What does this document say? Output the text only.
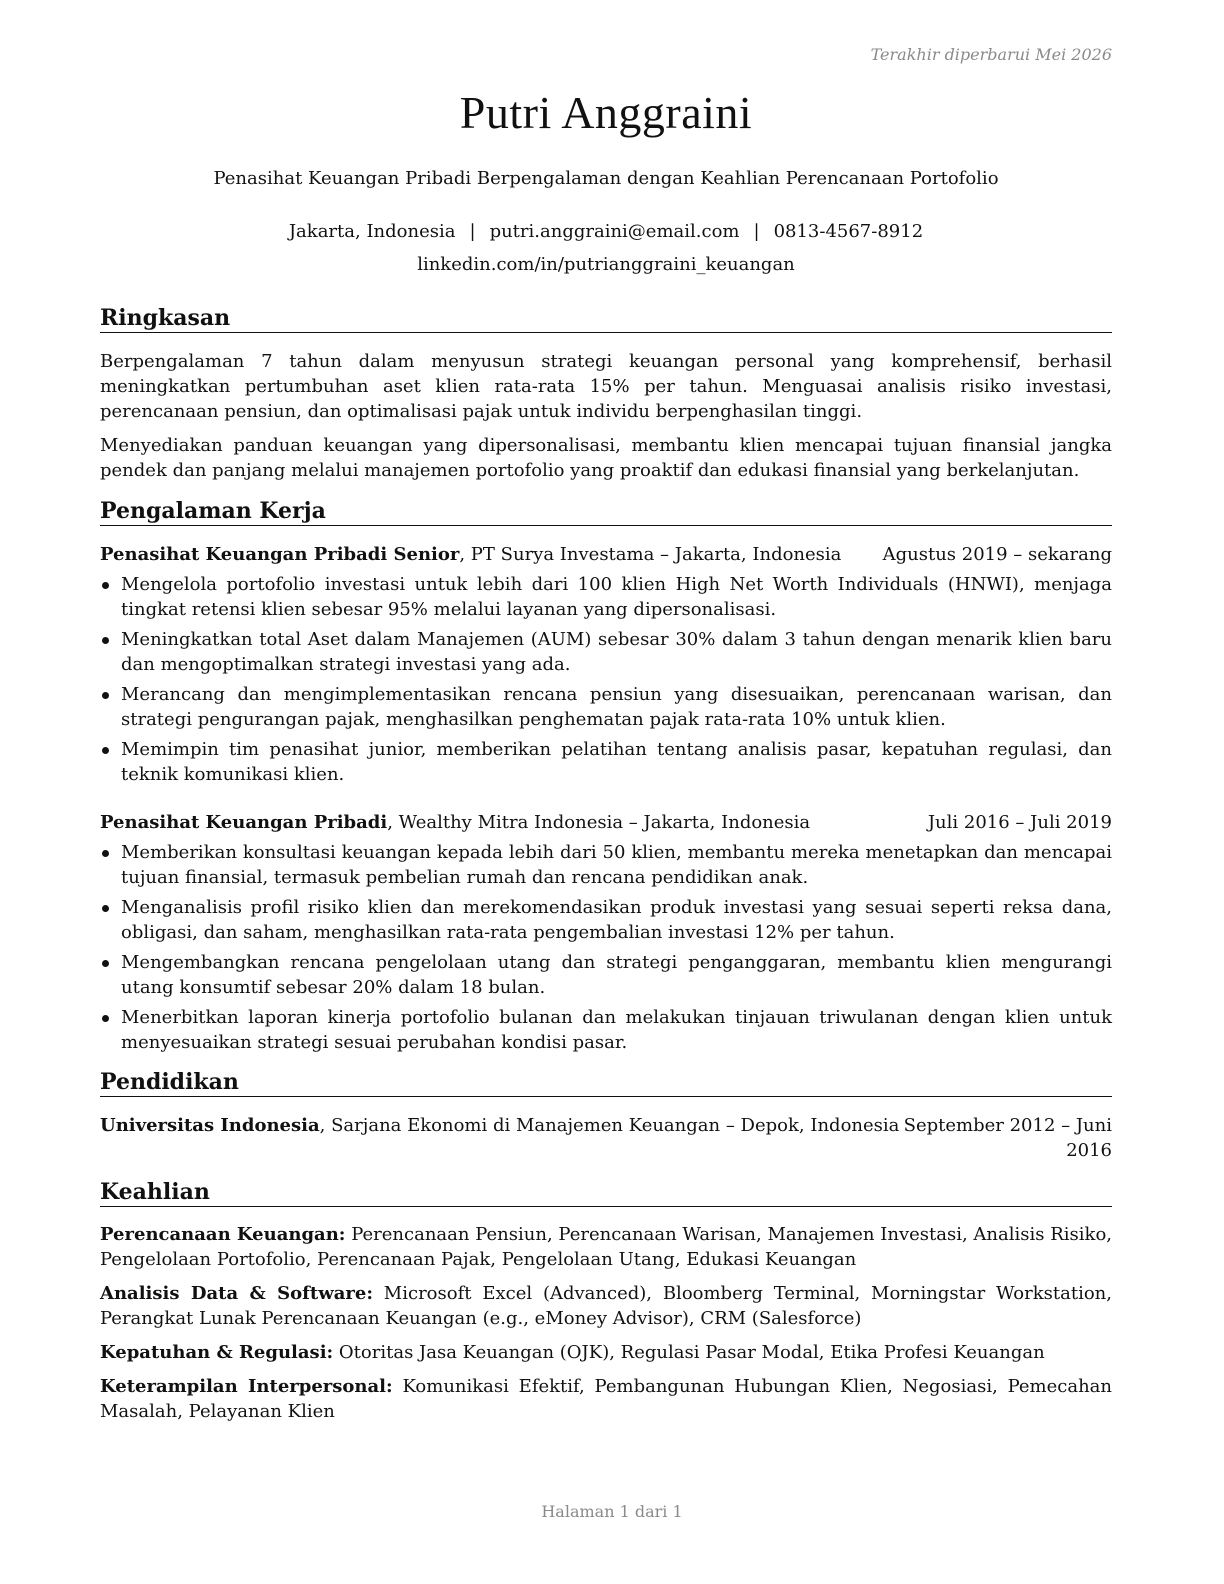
Terakhir diperbarui Mei 2026
Putri Anggraini
Penasihat Keuangan Pribadi Berpengalaman dengan Keahlian Perencanaan Portofolio
Jakarta, Indonesia | putri.anggraini@email.com | 0813-4567-8912
linkedin.com/in/putrianggraini_keuangan
Ringkasan

Berpengalaman 7 tahun dalam menyusun strategi keuangan personal yang komprehensif, berhasil meningkatkan pertumbuhan aset klien rata-rata 15% per tahun. Menguasai analisis risiko investasi, perencanaan pensiun, dan optimalisasi pajak untuk individu berpenghasilan tinggi.

Menyediakan panduan keuangan yang dipersonalisasi, membantu klien mencapai tujuan finansial jangka pendek dan panjang melalui manajemen portofolio yang proaktif dan edukasi finansial yang berkelanjutan.

Pengalaman Kerja
Penasihat Keuangan Pribadi Senior, PT Surya Investama – Jakarta, Indonesia Agustus 2019 – sekarang
Mengelola portofolio investasi untuk lebih dari 100 klien High Net Worth Individuals (HNWI), menjaga tingkat retensi klien sebesar 95% melalui layanan yang dipersonalisasi.
Meningkatkan total Aset dalam Manajemen (AUM) sebesar 30% dalam 3 tahun dengan menarik klien baru dan mengoptimalkan strategi investasi yang ada.
Merancang dan mengimplementasikan rencana pensiun yang disesuaikan, perencanaan warisan, dan strategi pengurangan pajak, menghasilkan penghematan pajak rata-rata 10% untuk klien.
Memimpin tim penasihat junior, memberikan pelatihan tentang analisis pasar, kepatuhan regulasi, dan teknik komunikasi klien.
Penasihat Keuangan Pribadi, Wealthy Mitra Indonesia – Jakarta, Indonesia	Juli 2016 – Juli 2019
Memberikan konsultasi keuangan kepada lebih dari 50 klien, membantu mereka menetapkan dan mencapai tujuan finansial, termasuk pembelian rumah dan rencana pendidikan anak.
Menganalisis profil risiko klien dan merekomendasikan produk investasi yang sesuai seperti reksa dana, obligasi, dan saham, menghasilkan rata-rata pengembalian investasi 12% per tahun.
Mengembangkan rencana pengelolaan utang dan strategi penganggaran, membantu klien mengurangi utang konsumtif sebesar 20% dalam 18 bulan.
Menerbitkan laporan kinerja portofolio bulanan dan melakukan tinjauan triwulanan dengan klien untuk menyesuaikan strategi sesuai perubahan kondisi pasar.
Pendidikan
Universitas Indonesia, Sarjana Ekonomi di Manajemen Keuangan – Depok, Indonesia September 2012 – Juni 2016
Keahlian

Perencanaan Keuangan: Perencanaan Pensiun, Perencanaan Warisan, Manajemen Investasi, Analisis Risiko, Pengelolaan Portofolio, Perencanaan Pajak, Pengelolaan Utang, Edukasi Keuangan

Analisis Data & Software: Microsoft Excel (Advanced), Bloomberg Terminal, Morningstar Workstation, Perangkat Lunak Perencanaan Keuangan (e.g., eMoney Advisor), CRM (Salesforce)

Kepatuhan & Regulasi: Otoritas Jasa Keuangan (OJK), Regulasi Pasar Modal, Etika Profesi Keuangan

Keterampilan Interpersonal: Komunikasi Efektif, Pembangunan Hubungan Klien, Negosiasi, Pemecahan Masalah, Pelayanan Klien

Halaman 1 dari 1
